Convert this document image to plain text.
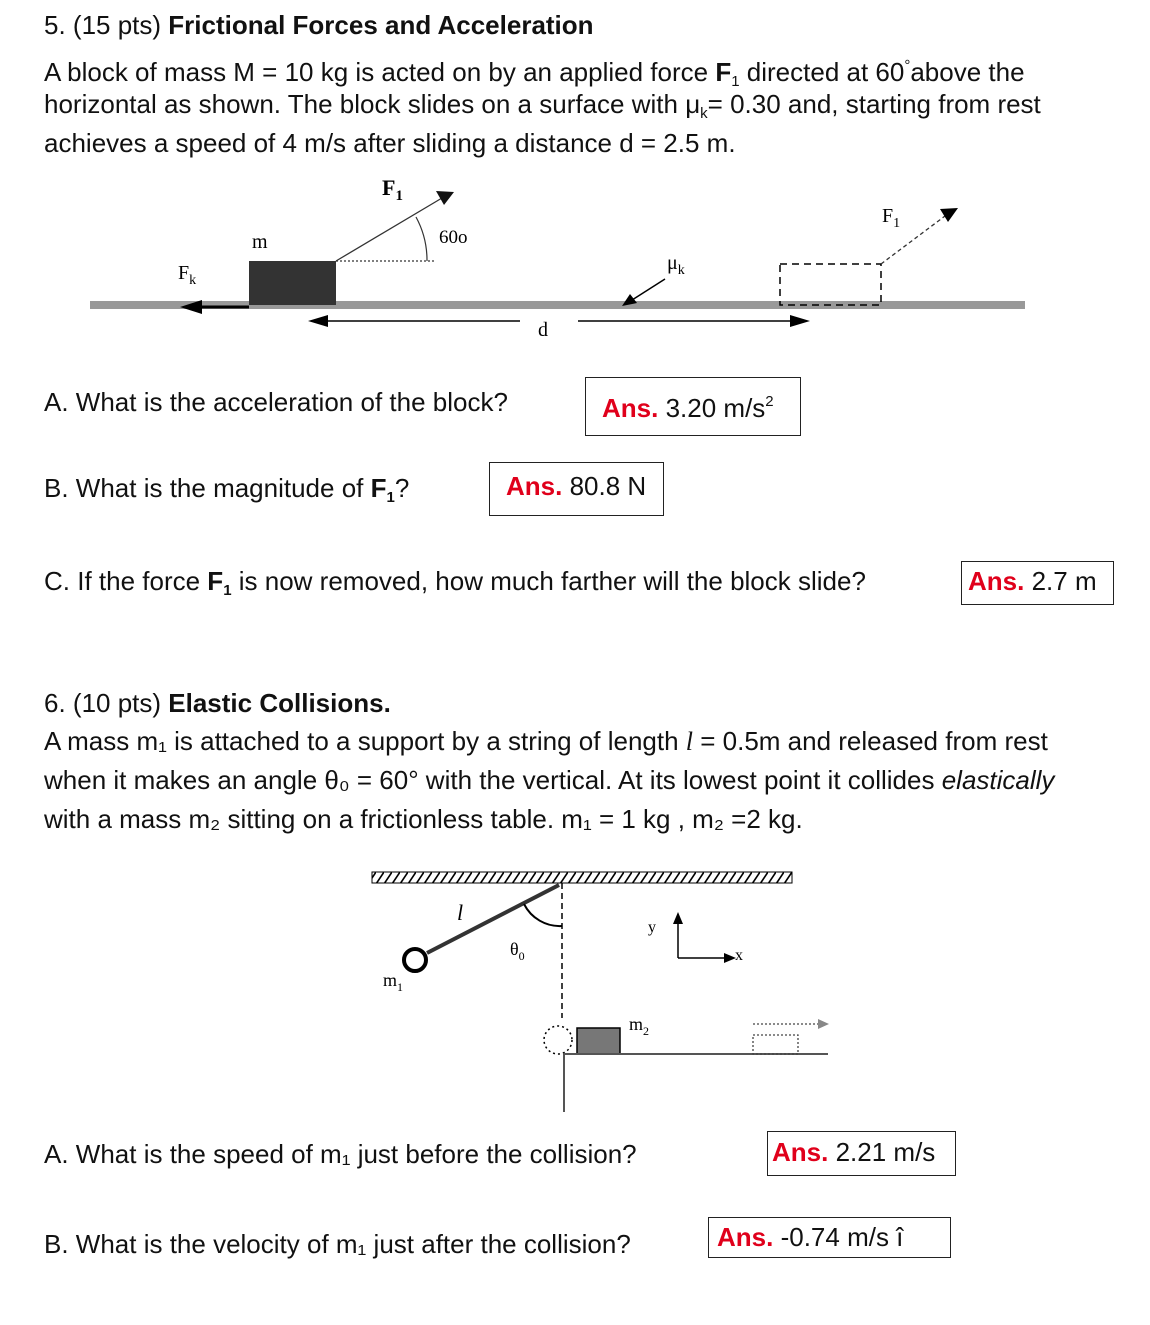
5. (15 pts) Frictional Forces and Acceleration
A block of mass M = 10 kg is acted on by an applied force F1 directed at 60°above the
horizontal as shown. The block slides on a surface with μk= 0.30 and, starting from rest
achieves a speed of 4 m/s after sliding a distance d = 2.5 m.
$F_1$
60o
m
$F_k$
$\mu_k$
d
$F_1$
A. What is the acceleration of the block?	Ans. 3.20 $m/s^2$
B. What is the magnitude of F1?	Ans. 80.8 N
C. If the force F1 is now removed, how much farther will the block slide?	Ans. 2.7 m
6. (10 pts) Elastic Collisions.
A mass m₁ is attached to a support by a string of length l = 0.5m and released from rest
when it makes an angle θ₀ = 60° with the vertical. At its lowest point it collides elastically
with a mass m₂ sitting on a frictionless table. m₁ = 1 kg , m₂ =2 kg.
l
$\theta_0$
$m_1$
$m_2$
y
x
A. What is the speed of m₁ just before the collision?	Ans. 2.21 m/s
B. What is the velocity of m₁ just after the collision?	Ans. -0.74 m/s î
